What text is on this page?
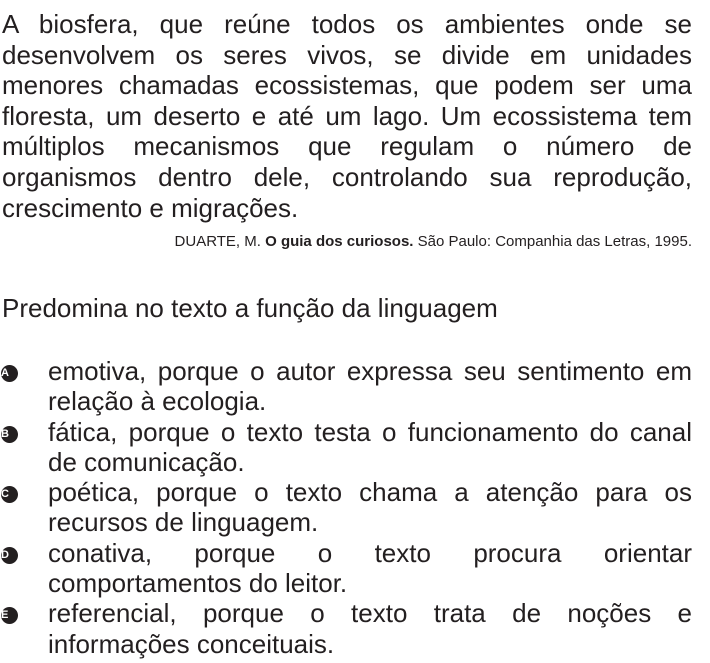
A biosfera, que reúne todos os ambientes onde se desenvolvem os seres vivos, se divide em unidades menores chamadas ecossistemas, que podem ser uma floresta, um deserto e até um lago. Um ecossistema tem múltiplos mecanismos que regulam o número de organismos dentro dele, controlando sua reprodução, crescimento e migrações.

DUARTE, M. O guia dos curiosos. São Paulo: Companhia das Letras, 1995.
Predomina no texto a função da linguagem
A	emotiva, porque o autor expressa seu sentimento em relação à ecologia.
B	fática, porque o texto testa o funcionamento do canal de comunicação.
C	poética, porque o texto chama a atenção para os recursos de linguagem.
D	conativa, porque o texto procura orientar comportamentos do leitor.
E	referencial, porque o texto trata de noções e informações conceituais.
